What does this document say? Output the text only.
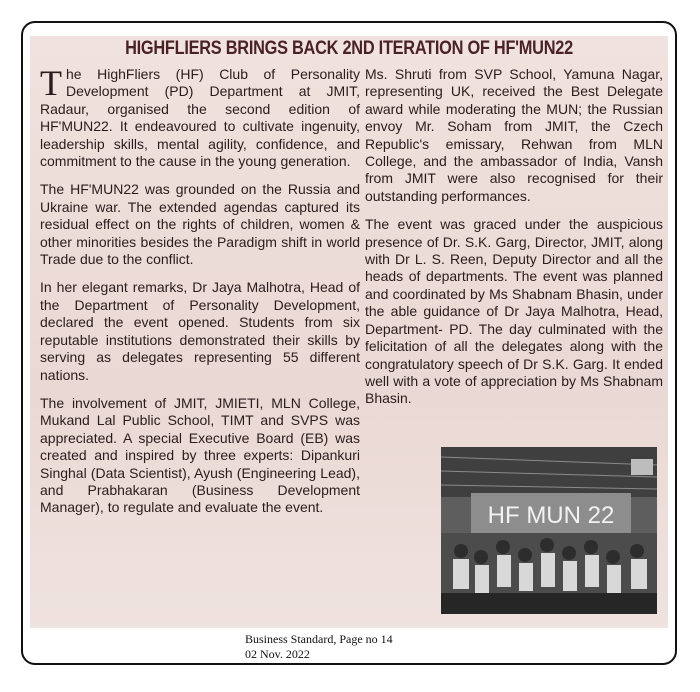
HIGHFLIERS BRINGS BACK 2ND ITERATION OF HF'MUN22

The HighFliers (HF) Club of Personality Development (PD) Department at JMIT, Radaur, organised the second edition of HF'MUN22. It endeavoured to cultivate ingenuity, leadership skills, mental agility, confidence, and commitment to the cause in the young generation.

The HF'MUN22 was grounded on the Russia and Ukraine war. The extended agendas captured its residual effect on the rights of children, women & other minorities besides the Paradigm shift in world Trade due to the conflict.

In her elegant remarks, Dr Jaya Malhotra, Head of the Department of Personality Development, declared the event opened. Students from six reputable institutions demonstrated their skills by serving as delegates representing 55 different nations.

The involvement of JMIT, JMIETI, MLN College, Mukand Lal Public School, TIMT and SVPS was appreciated. A special Executive Board (EB) was created and inspired by three experts: Dipankuri Singhal (Data Scientist), Ayush (Engineering Lead), and Prabhakaran (Business Development Manager), to regulate and evaluate the event.

Ms. Shruti from SVP School, Yamuna Nagar, representing UK, received the Best Delegate award while moderating the MUN; the Russian envoy Mr. Soham from JMIT, the Czech Republic's emissary, Rehwan from MLN College, and the ambassador of India, Vansh from JMIT were also recognised for their outstanding performances.

The event was graced under the auspicious presence of Dr. S.K. Garg, Director, JMIT, along with Dr L. S. Reen, Deputy Director and all the heads of departments. The event was planned and coordinated by Ms Shabnam Bhasin, under the able guidance of Dr Jaya Malhotra, Head, Department- PD. The day culminated with the felicitation of all the delegates along with the congratulatory speech of Dr S.K. Garg. It ended well with a vote of appreciation by Ms Shabnam Bhasin.

HF MUN 22
Business Standard, Page no 14
02 Nov. 2022
